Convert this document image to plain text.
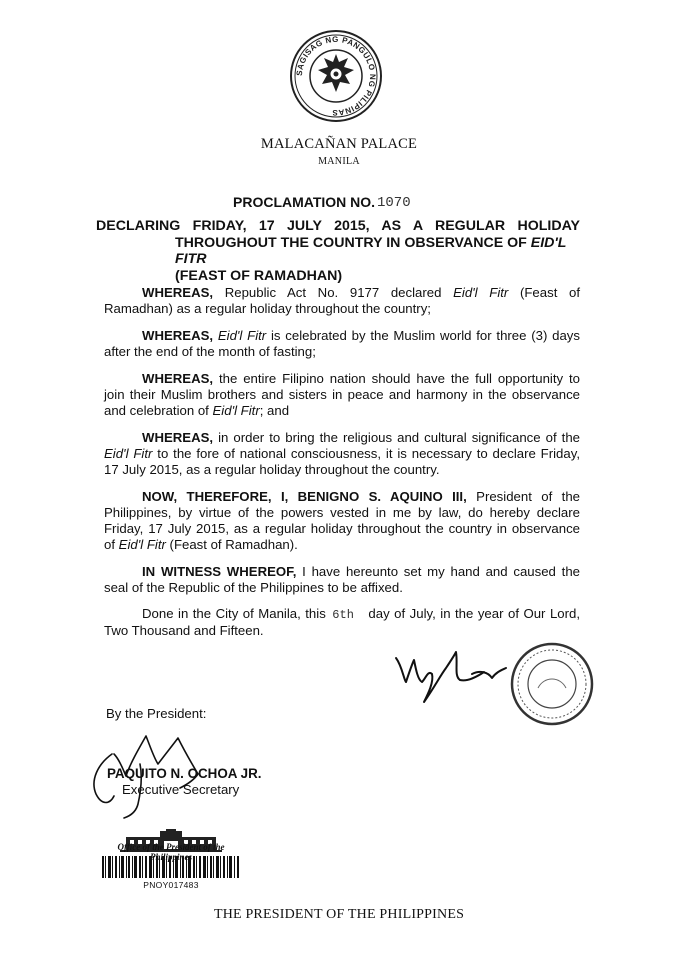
SAGISAG NG PANGULO NG PILIPINAS
MALACAÑAN PALACE
MANILA
PROCLAMATION NO. 1070
DECLARING FRIDAY, 17 JULY 2015, AS A REGULAR HOLIDAY
THROUGHOUT THE COUNTRY IN OBSERVANCE OF EID'L FITR
(FEAST OF RAMADHAN)
WHEREAS, Republic Act No. 9177 declared Eid'l Fitr (Feast of Ramadhan) as a regular holiday throughout the country;
WHEREAS, Eid'l Fitr is celebrated by the Muslim world for three (3) days after the end of the month of fasting;
WHEREAS, the entire Filipino nation should have the full opportunity to join their Muslim brothers and sisters in peace and harmony in the observance and celebration of Eid'l Fitr; and
WHEREAS, in order to bring the religious and cultural significance of the Eid'l Fitr to the fore of national consciousness, it is necessary to declare Friday, 17 July 2015, as a regular holiday throughout the country.
NOW, THEREFORE, I, BENIGNO S. AQUINO III, President of the Philippines, by virtue of the powers vested in me by law, do hereby declare Friday, 17 July 2015, as a regular holiday throughout the country in observance of Eid'l Fitr (Feast of Ramadhan).
IN WITNESS WHEREOF, I have hereunto set my hand and caused the seal of the Republic of the Philippines to be affixed.
Done in the City of Manila, this 6th day of July, in the year of Our Lord, Two Thousand and Fifteen.
By the President:
PAQUITO N. OCHOA JR.
Executive Secretary
Office of the President of the
PNOY017483
THE PRESIDENT OF THE PHILIPPINES
